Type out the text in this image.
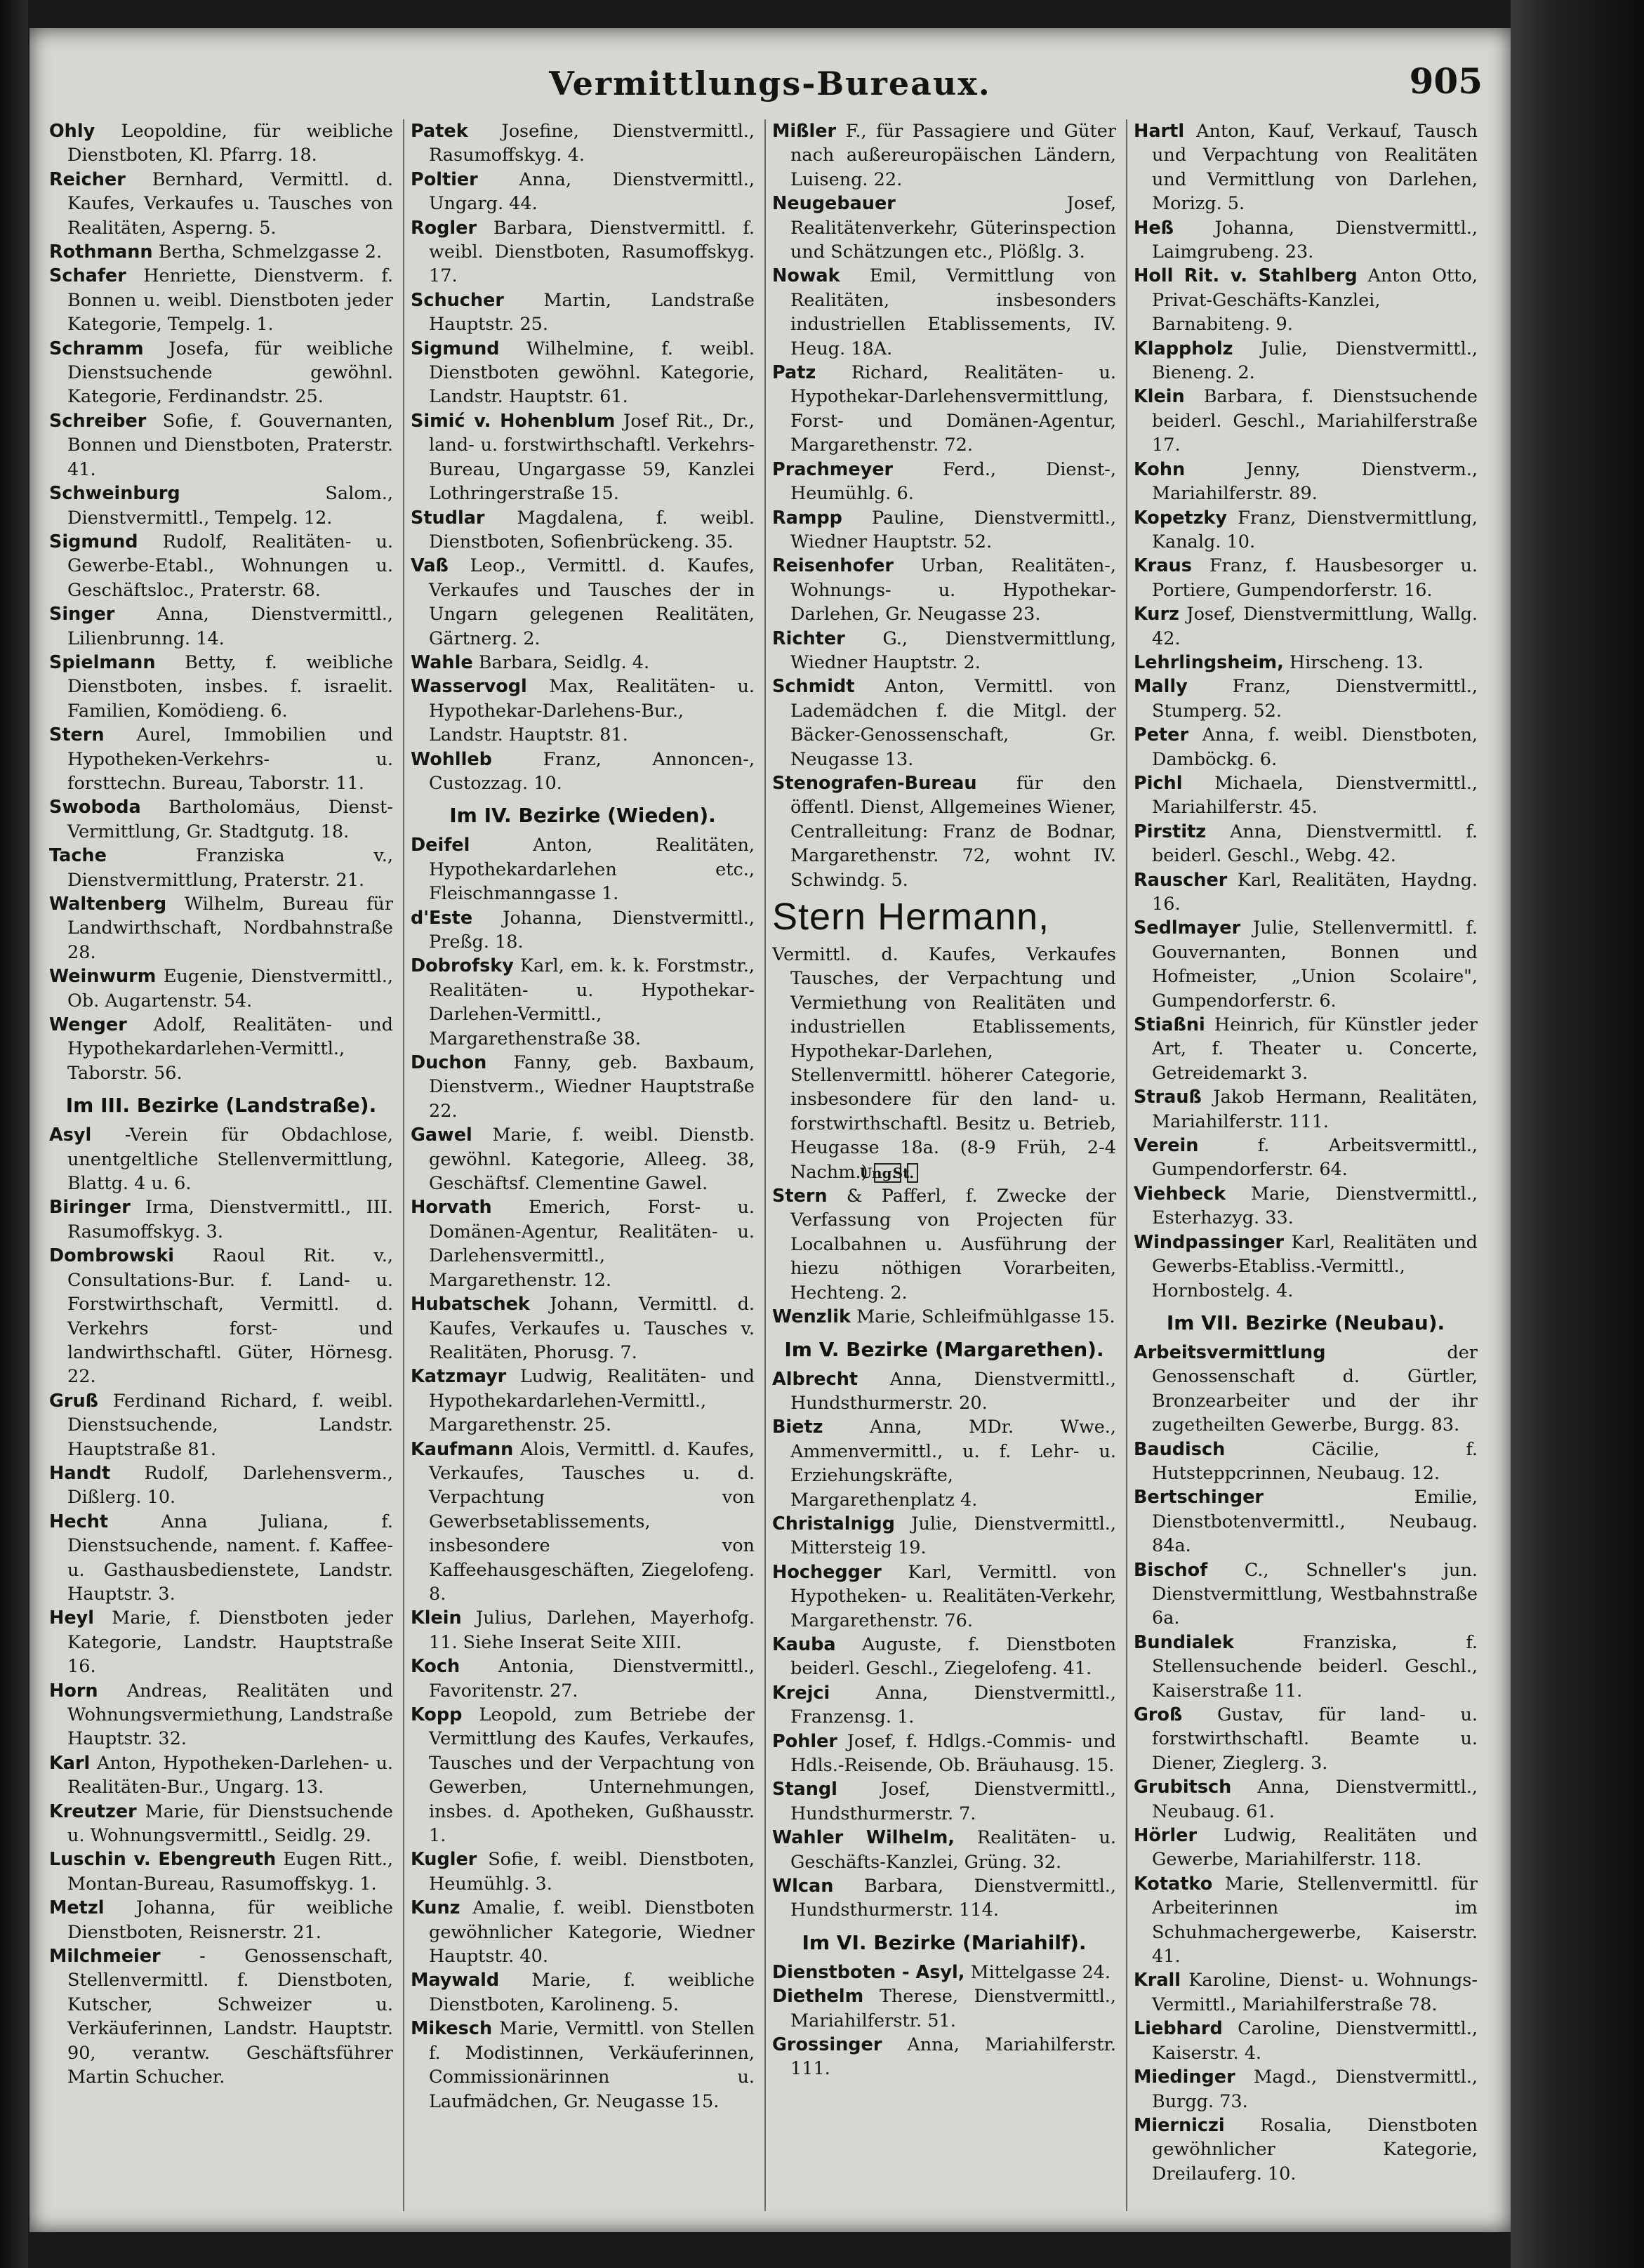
Vermittlungs-Bureaux.	905

Ohly Leopoldine, für weibliche Dienstboten, Kl. Pfarrg. 18.

Reicher Bernhard, Vermittl. d. Kaufes, Verkaufes u. Tausches von Realitäten, Asperng. 5.

Rothmann Bertha, Schmelzgasse 2.

Schafer Henriette, Dienstverm. f. Bonnen u. weibl. Dienstboten jeder Kategorie, Tempelg. 1.

Schramm Josefa, für weibliche Dienstsuchende gewöhnl. Kategorie, Ferdinandstr. 25.

Schreiber Sofie, f. Gouvernanten, Bonnen und Dienstboten, Praterstr. 41.

Schweinburg	Salom., Dienstvermittl., Tempelg. 12.

Sigmund Rudolf, Realitäten- u. Gewerbe-Etabl., Wohnungen u. Geschäftsloc., Praterstr. 68.

Singer Anna, Dienstvermittl., Lilienbrunng. 14.

Spielmann Betty, f. weibliche Dienstboten, insbes. f. israelit. Familien, Komödieng. 6.

Stern Aurel, Immobilien und Hypotheken-Verkehrs- u. forsttechn. Bureau, Taborstr. 11.

Swoboda Bartholomäus, Dienst-Vermittlung, Gr. Stadtgutg. 18.

Tache	Franziska v., Dienstvermittlung, Praterstr. 21.

Waltenberg Wilhelm, Bureau für Landwirthschaft, Nordbahnstraße 28.

Weinwurm Eugenie, Dienstvermittl., Ob. Augartenstr. 54.

Wenger Adolf, Realitäten- und Hypothekardarlehen-Vermittl., Taborstr. 56.

Im III. Bezirke (Landstraße).

Asyl -Verein für Obdachlose, unentgeltliche Stellenvermittlung, Blattg. 4 u. 6.

Biringer Irma, Dienstvermittl., III. Rasumoffskyg. 3.

Dombrowski Raoul Rit. v., Consultations-Bur. f. Land- u. Forstwirthschaft, Vermittl. d. Verkehrs forst- und landwirthschaftl. Güter, Hörnesg. 22.

Gruß Ferdinand Richard, f. weibl. Dienstsuchende, Landstr. Hauptstraße 81.

Handt Rudolf, Darlehensverm., Dißlerg. 10.

Hecht	Anna Juliana, f. Dienstsuchende, nament. f. Kaffee- u. Gasthausbedienstete, Landstr. Hauptstr. 3.

Heyl Marie, f. Dienstboten jeder Kategorie, Landstr. Hauptstraße 16.

Horn Andreas, Realitäten und Wohnungsvermiethung, Landstraße Hauptstr. 32.

Karl Anton, Hypotheken-Darlehen- u. Realitäten-Bur., Ungarg. 13.

Kreutzer Marie, für Dienstsuchende u. Wohnungsvermittl., Seidlg. 29.

Luschin v. Ebengreuth Eugen Ritt., Montan-Bureau, Rasumoffskyg. 1.

Metzl Johanna, für weibliche Dienstboten, Reisnerstr. 21.

Milchmeier - Genossenschaft, Stellenvermittl. f. Dienstboten, Kutscher, Schweizer u. Verkäuferinnen, Landstr. Hauptstr. 90, verantw. Geschäftsführer Martin Schucher.

Patek Josefine, Dienstvermittl., Rasumoffskyg. 4.

Poltier Anna, Dienstvermittl., Ungarg. 44.

Rogler Barbara, Dienstvermittl. f. weibl. Dienstboten, Rasumoffskyg. 17.

Schucher Martin, Landstraße Hauptstr. 25.

Sigmund Wilhelmine, f. weibl. Dienstboten gewöhnl. Kategorie, Landstr. Hauptstr. 61.

Simić v. Hohenblum Josef Rit., Dr., land- u. forstwirthschaftl. Verkehrs-Bureau, Ungargasse 59, Kanzlei Lothringerstraße 15.

Studlar Magdalena, f. weibl. Dienstboten, Sofienbrückeng. 35.

Vaß Leop., Vermittl. d. Kaufes, Verkaufes und Tausches der in Ungarn gelegenen Realitäten, Gärtnerg. 2.

Wahle Barbara, Seidlg. 4.

Wasservogl Max, Realitäten- u. Hypothekar-Darlehens-Bur., Landstr. Hauptstr. 81.

Wohlleb	Franz, Annoncen-, Custozzag. 10.

Im IV. Bezirke (Wieden).

Deifel	Anton, Realitäten, Hypothekardarlehen etc., Fleischmanngasse 1.

d'Este Johanna, Dienstvermittl., Preßg. 18.

Dobrofsky Karl, em. k. k. Forstmstr., Realitäten- u. Hypothekar-Darlehen-Vermittl., Margarethenstraße 38.

Duchon Fanny, geb. Baxbaum, Dienstverm., Wiedner Hauptstraße 22.

Gawel Marie, f. weibl. Dienstb. gewöhnl. Kategorie, Alleeg. 38, Geschäftsf. Clementine Gawel.

Horvath Emerich, Forst- u. Domänen-Agentur, Realitäten- u. Darlehensvermittl., Margarethenstr. 12.

Hubatschek Johann, Vermittl. d. Kaufes, Verkaufes u. Tausches v. Realitäten, Phorusg. 7.

Katzmayr Ludwig, Realitäten- und Hypothekardarlehen-Vermittl., Margarethenstr. 25.

Kaufmann Alois, Vermittl. d. Kaufes, Verkaufes, Tausches u. d. Verpachtung von Gewerbsetablissements, insbesondere von Kaffeehausgeschäften, Ziegelofeng. 8.

Klein Julius, Darlehen, Mayerhofg. 11. Siehe Inserat Seite XIII.

Koch Antonia, Dienstvermittl., Favoritenstr. 27.

Kopp Leopold, zum Betriebe der Vermittlung des Kaufes, Verkaufes, Tausches und der Verpachtung von Gewerben, Unternehmungen, insbes. d. Apotheken, Gußhausstr. 1.

Kugler Sofie, f. weibl. Dienstboten, Heumühlg. 3.

Kunz Amalie, f. weibl. Dienstboten gewöhnlicher Kategorie, Wiedner Hauptstr. 40.

Maywald Marie, f. weibliche Dienstboten, Karolineng. 5.

Mikesch Marie, Vermittl. von Stellen f. Modistinnen, Verkäuferinnen, Commissionärinnen u. Laufmädchen, Gr. Neugasse 15.

Mißler F., für Passagiere und Güter nach außereuropäischen Ländern, Luiseng. 22.

Neugebauer	Josef, Realitätenverkehr, Güterinspection und Schätzungen etc., Plößlg. 3.

Nowak Emil, Vermittlung von Realitäten, insbesonders industriellen Etablissements, IV. Heug. 18A.

Patz Richard, Realitäten- u. Hypothekar-Darlehensvermittlung, Forst- und Domänen-Agentur, Margarethenstr. 72.

Prachmeyer	Ferd., Dienst-, Heumühlg. 6.

Rampp Pauline, Dienstvermittl., Wiedner Hauptstr. 52.

Reisenhofer Urban, Realitäten-, Wohnungs- u. Hypothekar-Darlehen, Gr. Neugasse 23.

Richter G., Dienstvermittlung, Wiedner Hauptstr. 2.

Schmidt Anton, Vermittl. von Lademädchen f. die Mitgl. der Bäcker-Genossenschaft, Gr. Neugasse 13.

Stenografen-Bureau für den öffentl. Dienst, Allgemeines Wiener, Centralleitung: Franz de Bodnar, Margarethenstr. 72, wohnt IV. Schwindg. 5.

Stern Hermann,

Vermittl. d. Kaufes, Verkaufes Tausches, der Verpachtung und Vermiethung von Realitäten und industriellen Etablissements, Hypothekar-Darlehen, Stellenvermittl. höherer Categorie, insbesondere für den land- u. forstwirthschaftl. Besitz u. Betrieb, Heugasse 18a. (8-9 Früh, 2-4 Nachm.) Ung. St.

Stern & Pafferl, f. Zwecke der Verfassung von Projecten für Localbahnen u. Ausführung der hiezu nöthigen Vorarbeiten, Hechteng. 2.

Wenzlik Marie, Schleifmühlgasse 15.

Im V. Bezirke (Margarethen).

Albrecht Anna, Dienstvermittl., Hundsthurmerstr. 20.

Bietz	Anna, MDr. Wwe., Ammenvermittl., u. f. Lehr- u. Erziehungskräfte, Margarethenplatz 4.

Christalnigg Julie, Dienstvermittl., Mittersteig 19.

Hochegger Karl, Vermittl. von Hypotheken- u. Realitäten-Verkehr, Margarethenstr. 76.

Kauba Auguste, f. Dienstboten beiderl. Geschl., Ziegelofeng. 41.

Krejci	Anna, Dienstvermittl., Franzensg. 1.

Pohler Josef, f. Hdlgs.-Commis- und Hdls.-Reisende, Ob. Bräuhausg. 15.

Stangl Josef, Dienstvermittl., Hundsthurmerstr. 7.

Wahler Wilhelm, Realitäten- u. Geschäfts-Kanzlei, Grüng. 32.

Wlcan Barbara, Dienstvermittl., Hundsthurmerstr. 114.

Im VI. Bezirke (Mariahilf).

Dienstboten - Asyl, Mittelgasse 24.

Diethelm Therese, Dienstvermittl., Mariahilferstr. 51.

Grossinger Anna, Mariahilferstr. 111.

Hartl Anton, Kauf, Verkauf, Tausch und Verpachtung von Realitäten und Vermittlung von Darlehen, Morizg. 5.

Heß Johanna, Dienstvermittl., Laimgrubeng. 23.

Holl Rit. v. Stahlberg Anton Otto, Privat-Geschäfts-Kanzlei, Barnabiteng. 9.

Klappholz Julie, Dienstvermittl., Bieneng. 2.

Klein Barbara, f. Dienstsuchende beiderl. Geschl., Mariahilferstraße 17.

Kohn	Jenny, Dienstverm., Mariahilferstr. 89.

Kopetzky Franz, Dienstvermittlung, Kanalg. 10.

Kraus Franz, f. Hausbesorger u. Portiere, Gumpendorferstr. 16.

Kurz Josef, Dienstvermittlung, Wallg. 42.

Lehrlingsheim, Hirscheng. 13.

Mally	Franz, Dienstvermittl., Stumperg. 52.

Peter Anna, f. weibl. Dienstboten, Damböckg. 6.

Pichl Michaela, Dienstvermittl., Mariahilferstr. 45.

Pirstitz Anna, Dienstvermittl. f. beiderl. Geschl., Webg. 42.

Rauscher Karl, Realitäten, Haydng. 16.

Sedlmayer Julie, Stellenvermittl. f. Gouvernanten, Bonnen und Hofmeister, „Union Scolaire", Gumpendorferstr. 6.

Stiaßni Heinrich, für Künstler jeder Art, f. Theater u. Concerte, Getreidemarkt 3.

Strauß Jakob Hermann, Realitäten, Mariahilferstr. 111.

Verein	f. Arbeitsvermittl., Gumpendorferstr. 64.

Viehbeck Marie, Dienstvermittl., Esterhazyg. 33.

Windpassinger Karl, Realitäten und Gewerbs-Etabliss.-Vermittl., Hornbostelg. 4.

Im VII. Bezirke (Neubau).

Arbeitsvermittlung	der Genossenschaft d. Gürtler, Bronzearbeiter und der ihr zugetheilten Gewerbe, Burgg. 83.

Baudisch	Cäcilie, f. Hutsteppcrinnen, Neubaug. 12.

Bertschinger	Emilie, Dienstbotenvermittl., Neubaug. 84a.

Bischof C., Schneller's jun. Dienstvermittlung, Westbahnstraße 6a.

Bundialek	Franziska, f. Stellensuchende beiderl. Geschl., Kaiserstraße 11.

Groß Gustav, für land- u. forstwirthschaftl. Beamte u. Diener, Zieglerg. 3.

Grubitsch Anna, Dienstvermittl., Neubaug. 61.

Hörler Ludwig, Realitäten und Gewerbe, Mariahilferstr. 118.

Kotatko Marie, Stellenvermittl. für Arbeiterinnen im Schuhmachergewerbe, Kaiserstr. 41.

Krall Karoline, Dienst- u. Wohnungs-Vermittl., Mariahilferstraße 78.

Liebhard Caroline, Dienstvermittl., Kaiserstr. 4.

Miedinger Magd., Dienstvermittl., Burgg. 73.

Mierniczi Rosalia, Dienstboten gewöhnlicher Kategorie, Dreilauferg. 10.
